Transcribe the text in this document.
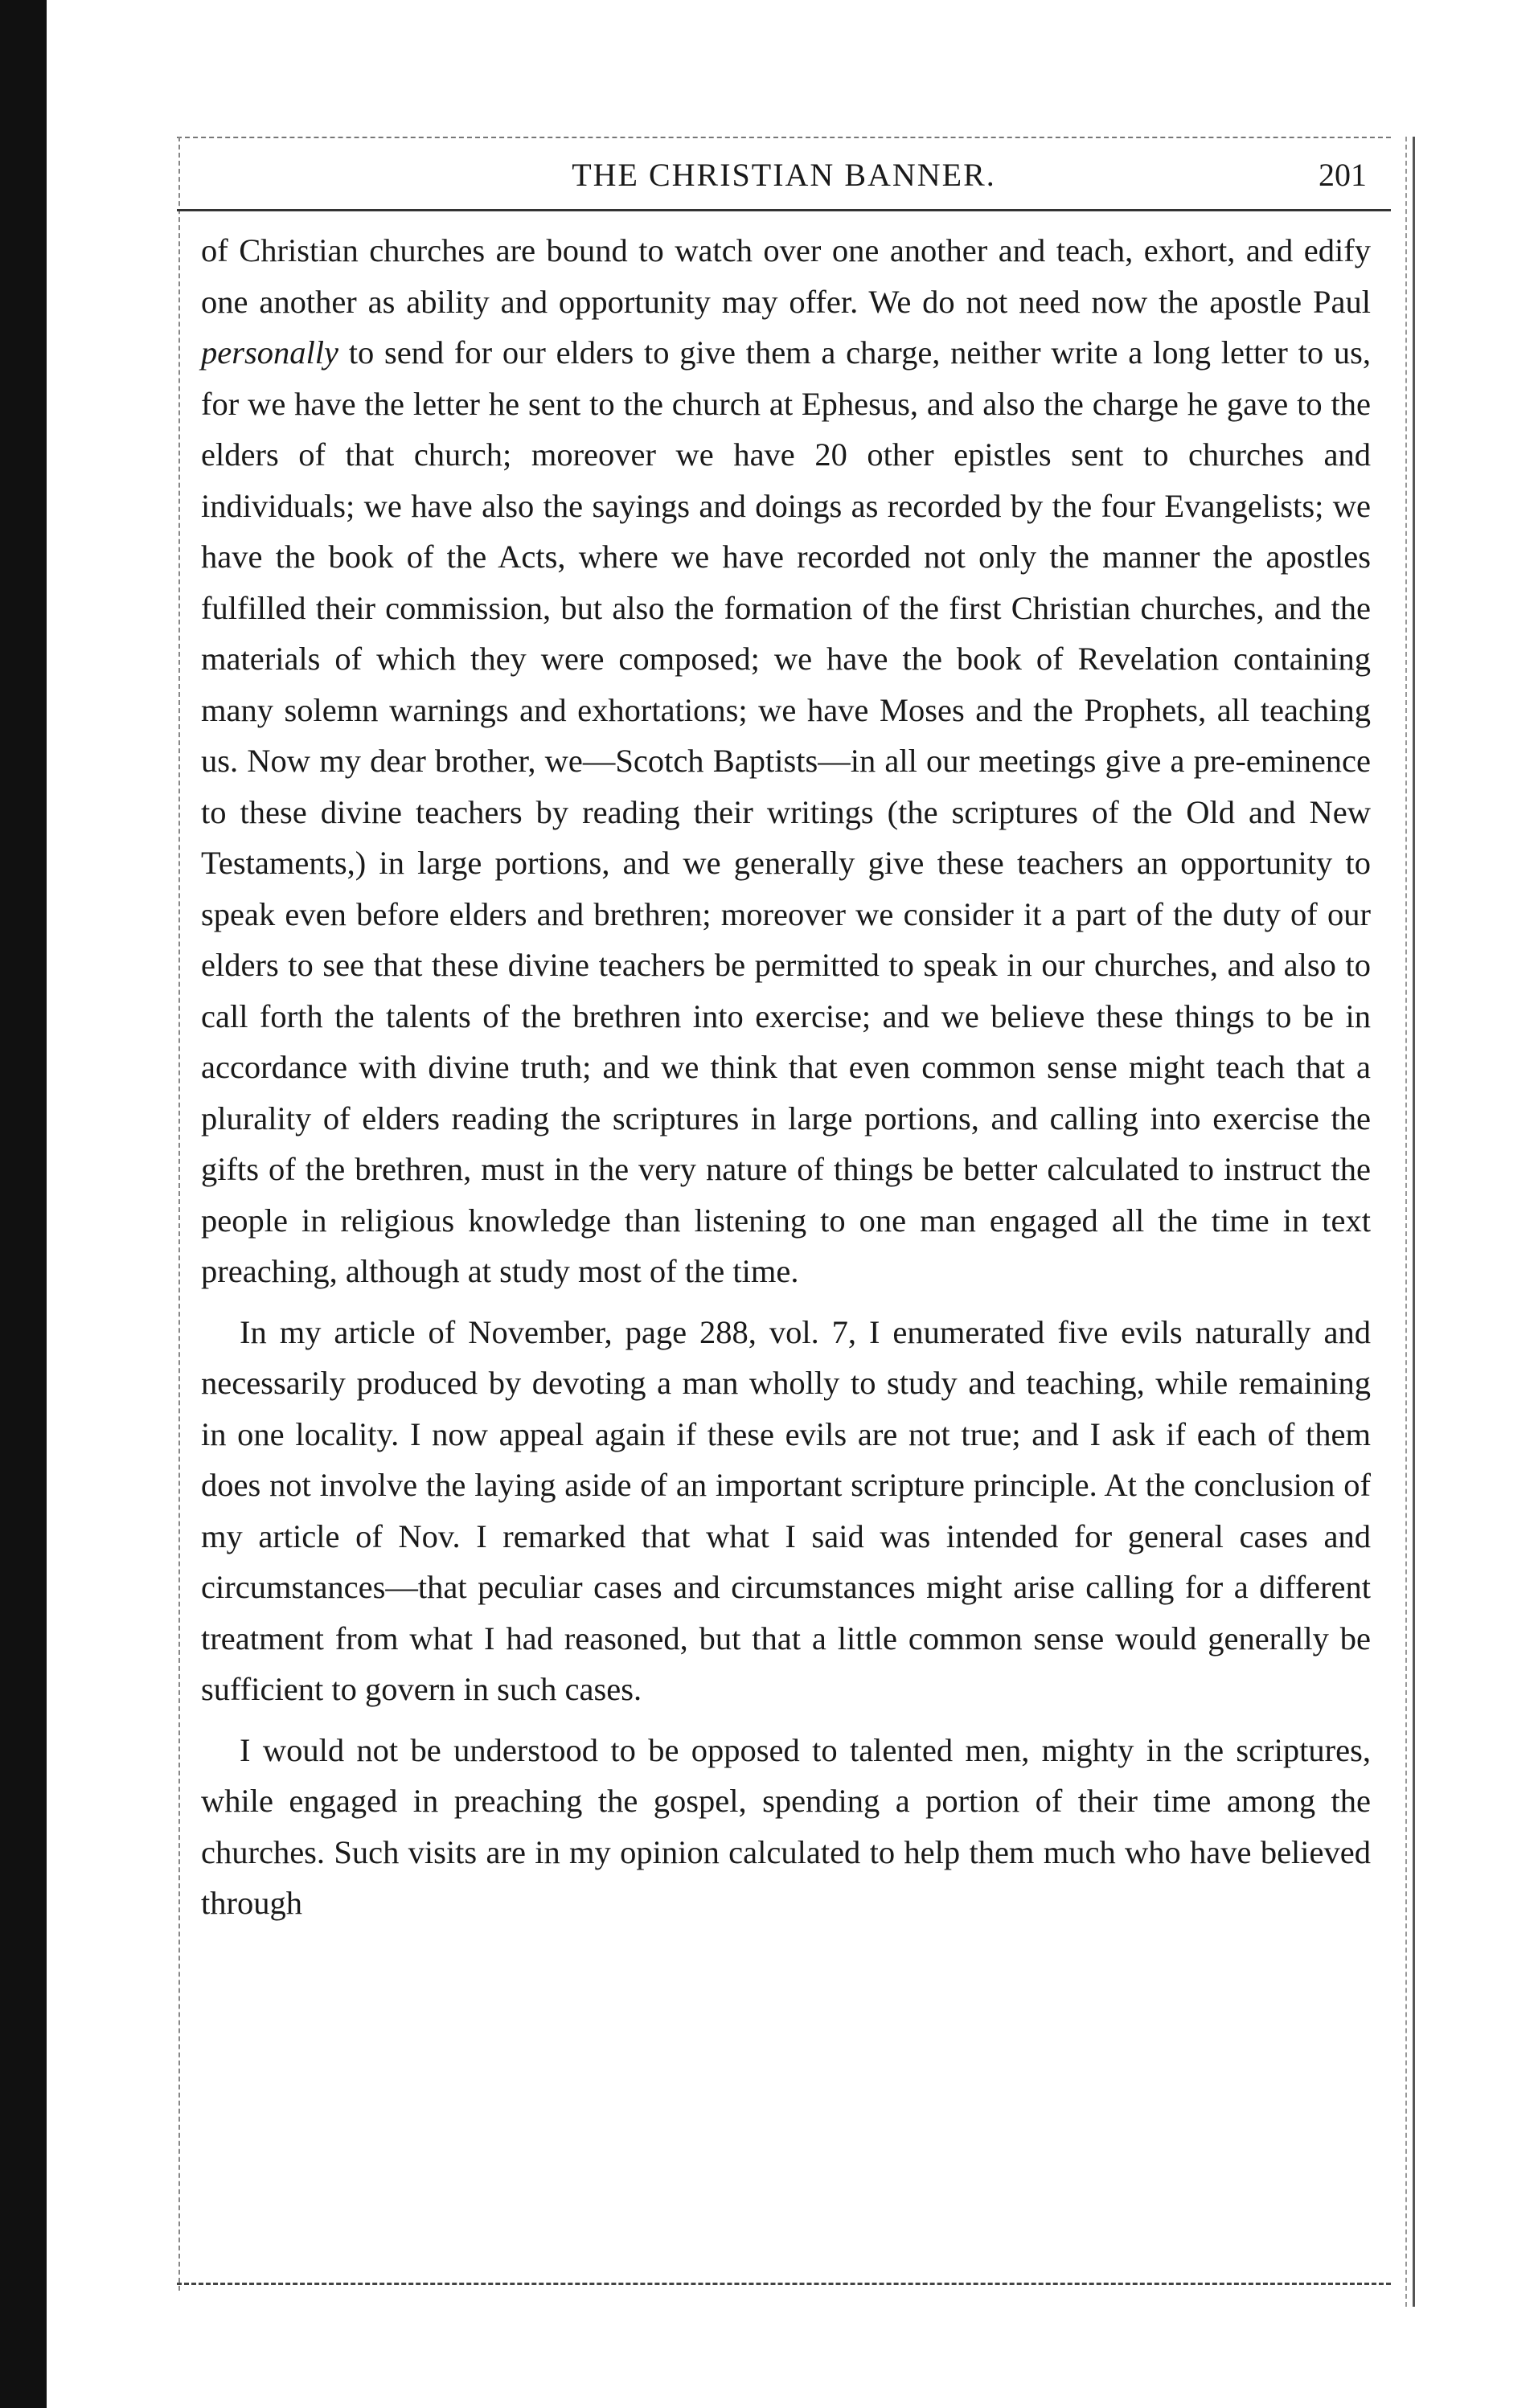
THE CHRISTIAN BANNER.	201

of Christian churches are bound to watch over one another and teach, exhort, and edify one another as ability and opportunity may offer. We do not need now the apostle Paul personally to send for our elders to give them a charge, neither write a long letter to us, for we have the letter he sent to the church at Ephesus, and also the charge he gave to the elders of that church; moreover we have 20 other epistles sent to churches and individuals; we have also the sayings and doings as recorded by the four Evangelists; we have the book of the Acts, where we have recorded not only the manner the apostles fulfilled their commission, but also the formation of the first Christian churches, and the materials of which they were composed; we have the book of Revelation containing many solemn warnings and exhortations; we have Moses and the Prophets, all teaching us. Now my dear brother, we—Scotch Baptists—in all our meetings give a pre-eminence to these divine teachers by reading their writings (the scriptures of the Old and New Testaments,) in large portions, and we generally give these teachers an opportunity to speak even before elders and brethren; moreover we consider it a part of the duty of our elders to see that these divine teachers be permitted to speak in our churches, and also to call forth the talents of the brethren into exercise; and we believe these things to be in accordance with divine truth; and we think that even common sense might teach that a plurality of elders reading the scriptures in large portions, and calling into exercise the gifts of the brethren, must in the very nature of things be better calculated to instruct the people in religious knowledge than listening to one man engaged all the time in text preaching, although at study most of the time.

In my article of November, page 288, vol. 7, I enumerated five evils naturally and necessarily produced by devoting a man wholly to study and teaching, while remaining in one locality. I now appeal again if these evils are not true; and I ask if each of them does not involve the laying aside of an important scripture principle. At the conclusion of my article of Nov. I remarked that what I said was intended for general cases and circumstances—that peculiar cases and circumstances might arise calling for a different treatment from what I had reasoned, but that a little common sense would generally be sufficient to govern in such cases.

I would not be understood to be opposed to talented men, mighty in the scriptures, while engaged in preaching the gospel, spending a portion of their time among the churches. Such visits are in my opinion calculated to help them much who have believed through
